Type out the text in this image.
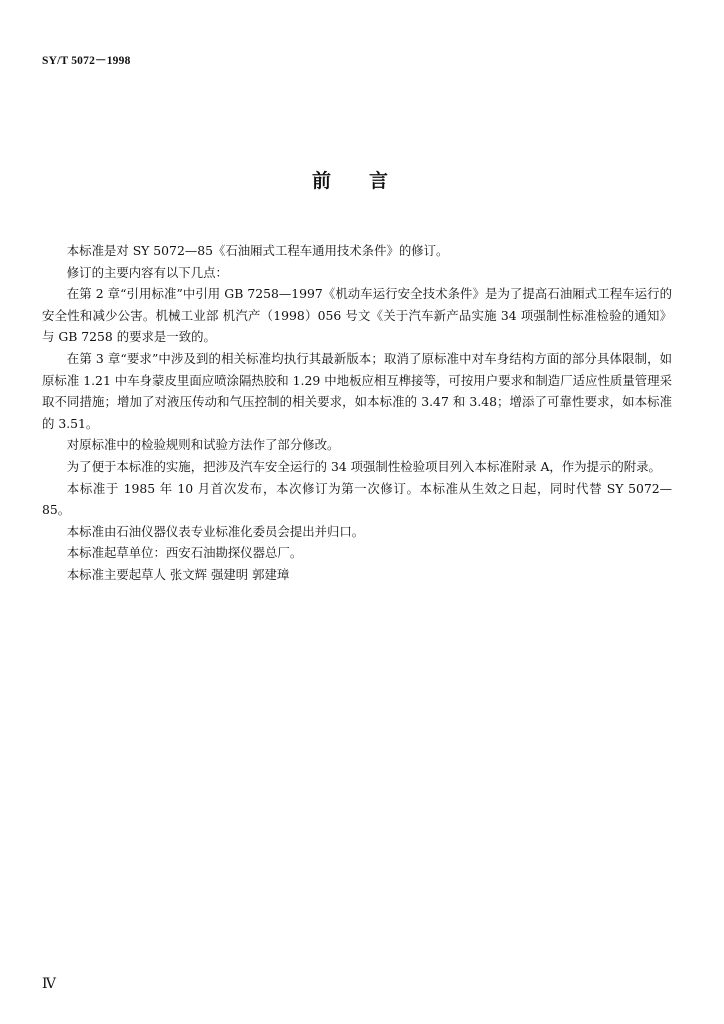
SY/T 5072－1998
前言

本标准是对 SY 5072—85《石油厢式工程车通用技术条件》的修订。

修订的主要内容有以下几点：

在第 2 章“引用标准”中引用 GB 7258—1997《机动车运行安全技术条件》是为了提高石油厢式工程车运行的安全性和减少公害。机械工业部 机汽产（1998）056 号文《关于汽车新产品实施 34 项强制性标准检验的通知》与 GB 7258 的要求是一致的。

在第 3 章“要求”中涉及到的相关标准均执行其最新版本；取消了原标准中对车身结构方面的部分具体限制，如原标准 1.21 中车身蒙皮里面应喷涂隔热胶和 1.29 中地板应相互榫接等，可按用户要求和制造厂适应性质量管理采取不同措施；增加了对液压传动和气压控制的相关要求，如本标准的 3.47 和 3.48；增添了可靠性要求，如本标准的 3.51。

对原标准中的检验规则和试验方法作了部分修改。

为了便于本标准的实施，把涉及汽车安全运行的 34 项强制性检验项目列入本标准附录 A，作为提示的附录。

本标准于 1985 年 10 月首次发布，本次修订为第一次修订。本标准从生效之日起，同时代替 SY 5072—85。

本标准由石油仪器仪表专业标准化委员会提出并归口。

本标准起草单位：西安石油勘探仪器总厂。

本标准主要起草人 张文辉 强建明 郭建璋

Ⅳ
